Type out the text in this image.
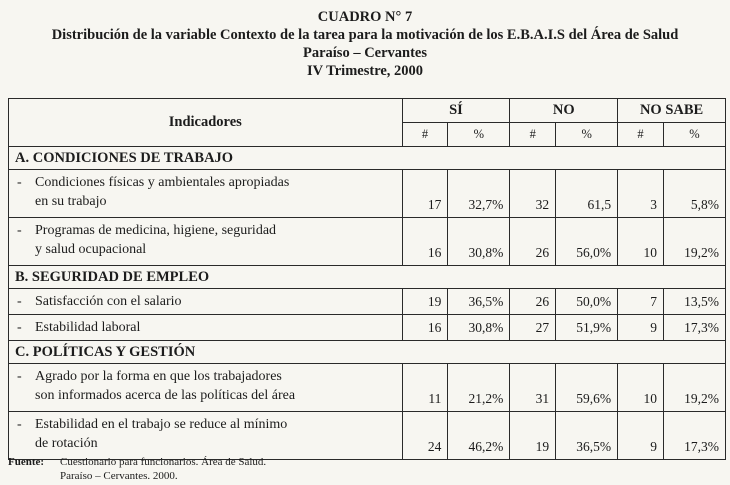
CUADRO N° 7
Distribución de la variable Contexto de la tarea para la motivación de los E.B.A.I.S del Área de Salud
Paraíso – Cervantes
IV Trimestre, 2000
Indicadores	SÍ		NO		NO SABE	
	#	%	#	%	#	%
A. CONDICIONES DE TRABAJO						
- Condiciones físicas y ambientales apropiadas
en su trabajo	17	32,7%	32	61,5	3	5,8%
- Programas de medicina, higiene, seguridad
y salud ocupacional	16	30,8%	26	56,0%	10	19,2%
B. SEGURIDAD DE EMPLEO						
- Satisfacción con el salario	19	36,5%	26	50,0%	7	13,5%
- Estabilidad laboral	16	30,8%	27	51,9%	9	17,3%
C. POLÍTICAS Y GESTIÓN						
- Agrado por la forma en que los trabajadores
son informados acerca de las políticas del área	11	21,2%	31	59,6%	10	19,2%
- Estabilidad en el trabajo se reduce al mínimo
de rotación	24	46,2%	19	36,5%	9	17,3%
Fuente: Cuestionario para funcionarios. Área de Salud.
Paraíso – Cervantes. 2000.
